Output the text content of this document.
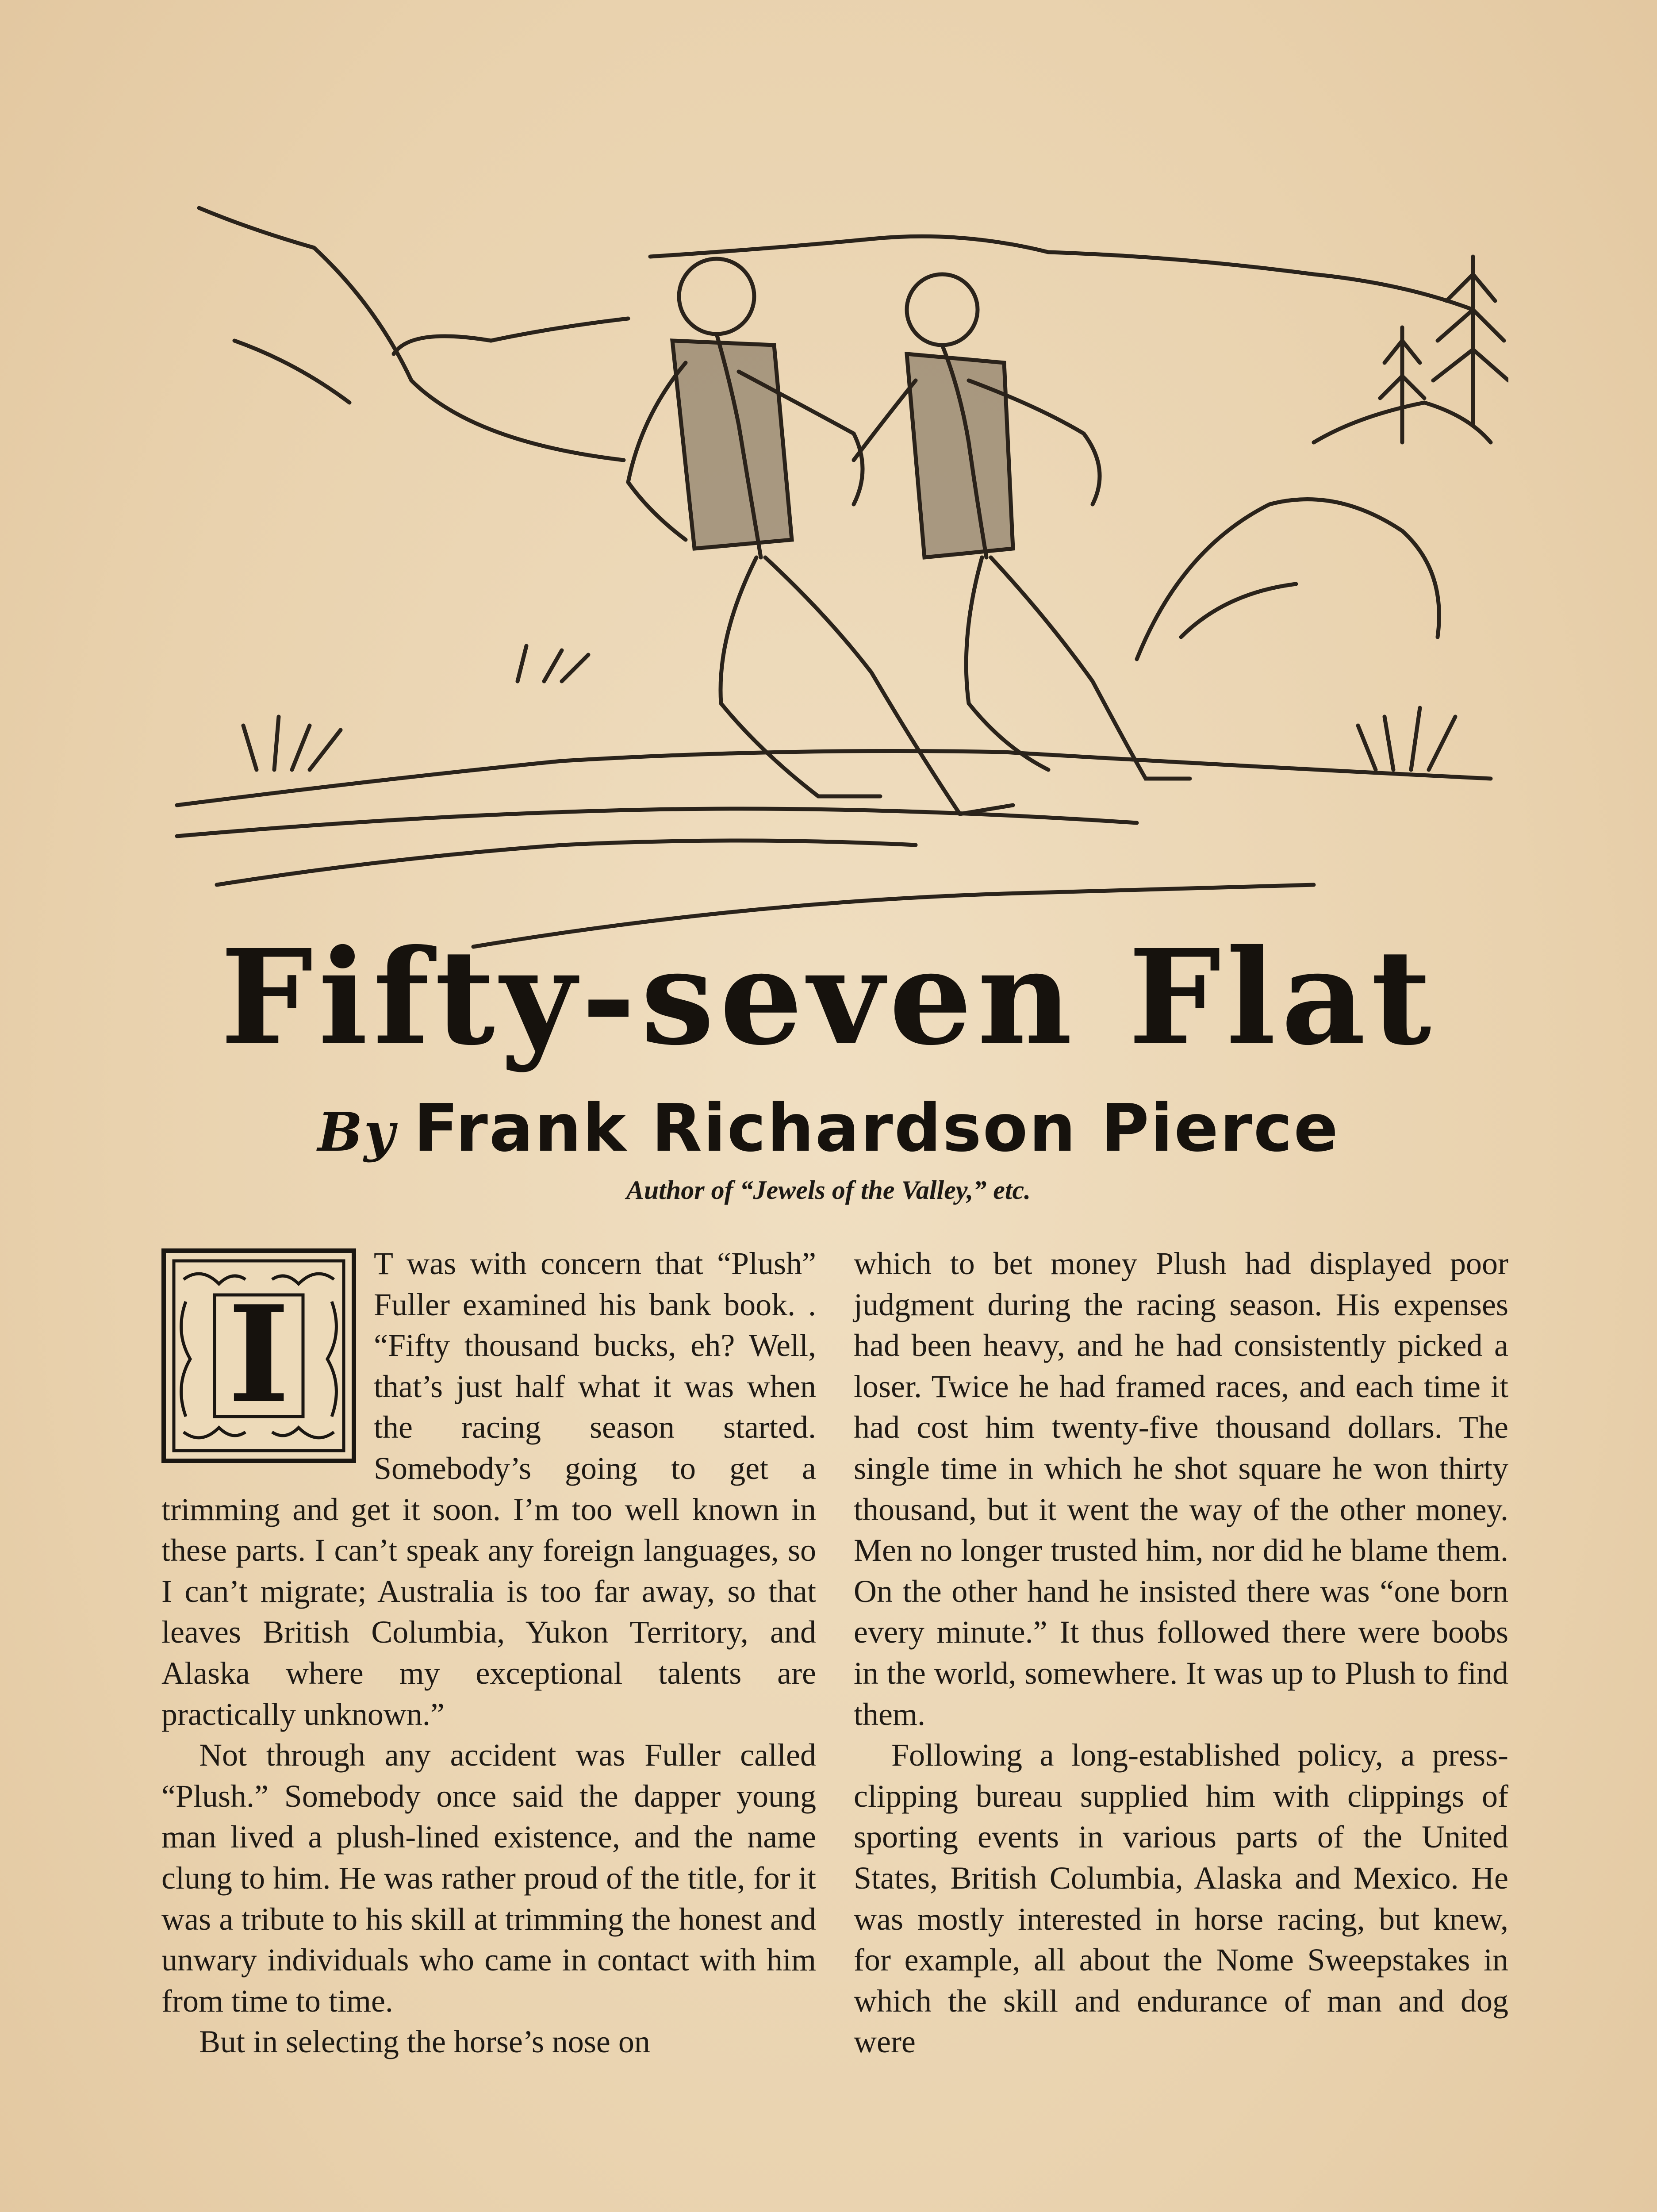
Fifty-seven Flat
By Frank Richardson Pierce
Author of “Jewels of the Valley,” etc.
I

T was with concern that “Plush” Fuller examined his bank book. . “Fifty thousand bucks, eh? Well, that’s just half what it was when the racing season started. Somebody’s going to get a trimming and get it soon. I’m too well known in these parts. I can’t speak any foreign languages, so I can’t migrate; Australia is too far away, so that leaves British Columbia, Yukon Territory, and Alaska where my exceptional talents are practically unknown.”

Not through any accident was Fuller called “Plush.” Somebody once said the dapper young man lived a plush-lined existence, and the name clung to him. He was rather proud of the title, for it was a tribute to his skill at trimming the honest and unwary individuals who came in contact with him from time to time.

But in selecting the horse’s nose on

which to bet money Plush had displayed poor judgment during the racing season. His expenses had been heavy, and he had consistently picked a loser. Twice he had framed races, and each time it had cost him twenty-five thousand dollars. The single time in which he shot square he won thirty thousand, but it went the way of the other money. Men no longer trusted him, nor did he blame them. On the other hand he insisted there was “one born every minute.” It thus followed there were boobs in the world, somewhere. It was up to Plush to find them.

Following a long-established policy, a press-clipping bureau supplied him with clippings of sporting events in various parts of the United States, British Columbia, Alaska and Mexico. He was mostly interested in horse racing, but knew, for example, all about the Nome Sweepstakes in which the skill and endurance of man and dog were
